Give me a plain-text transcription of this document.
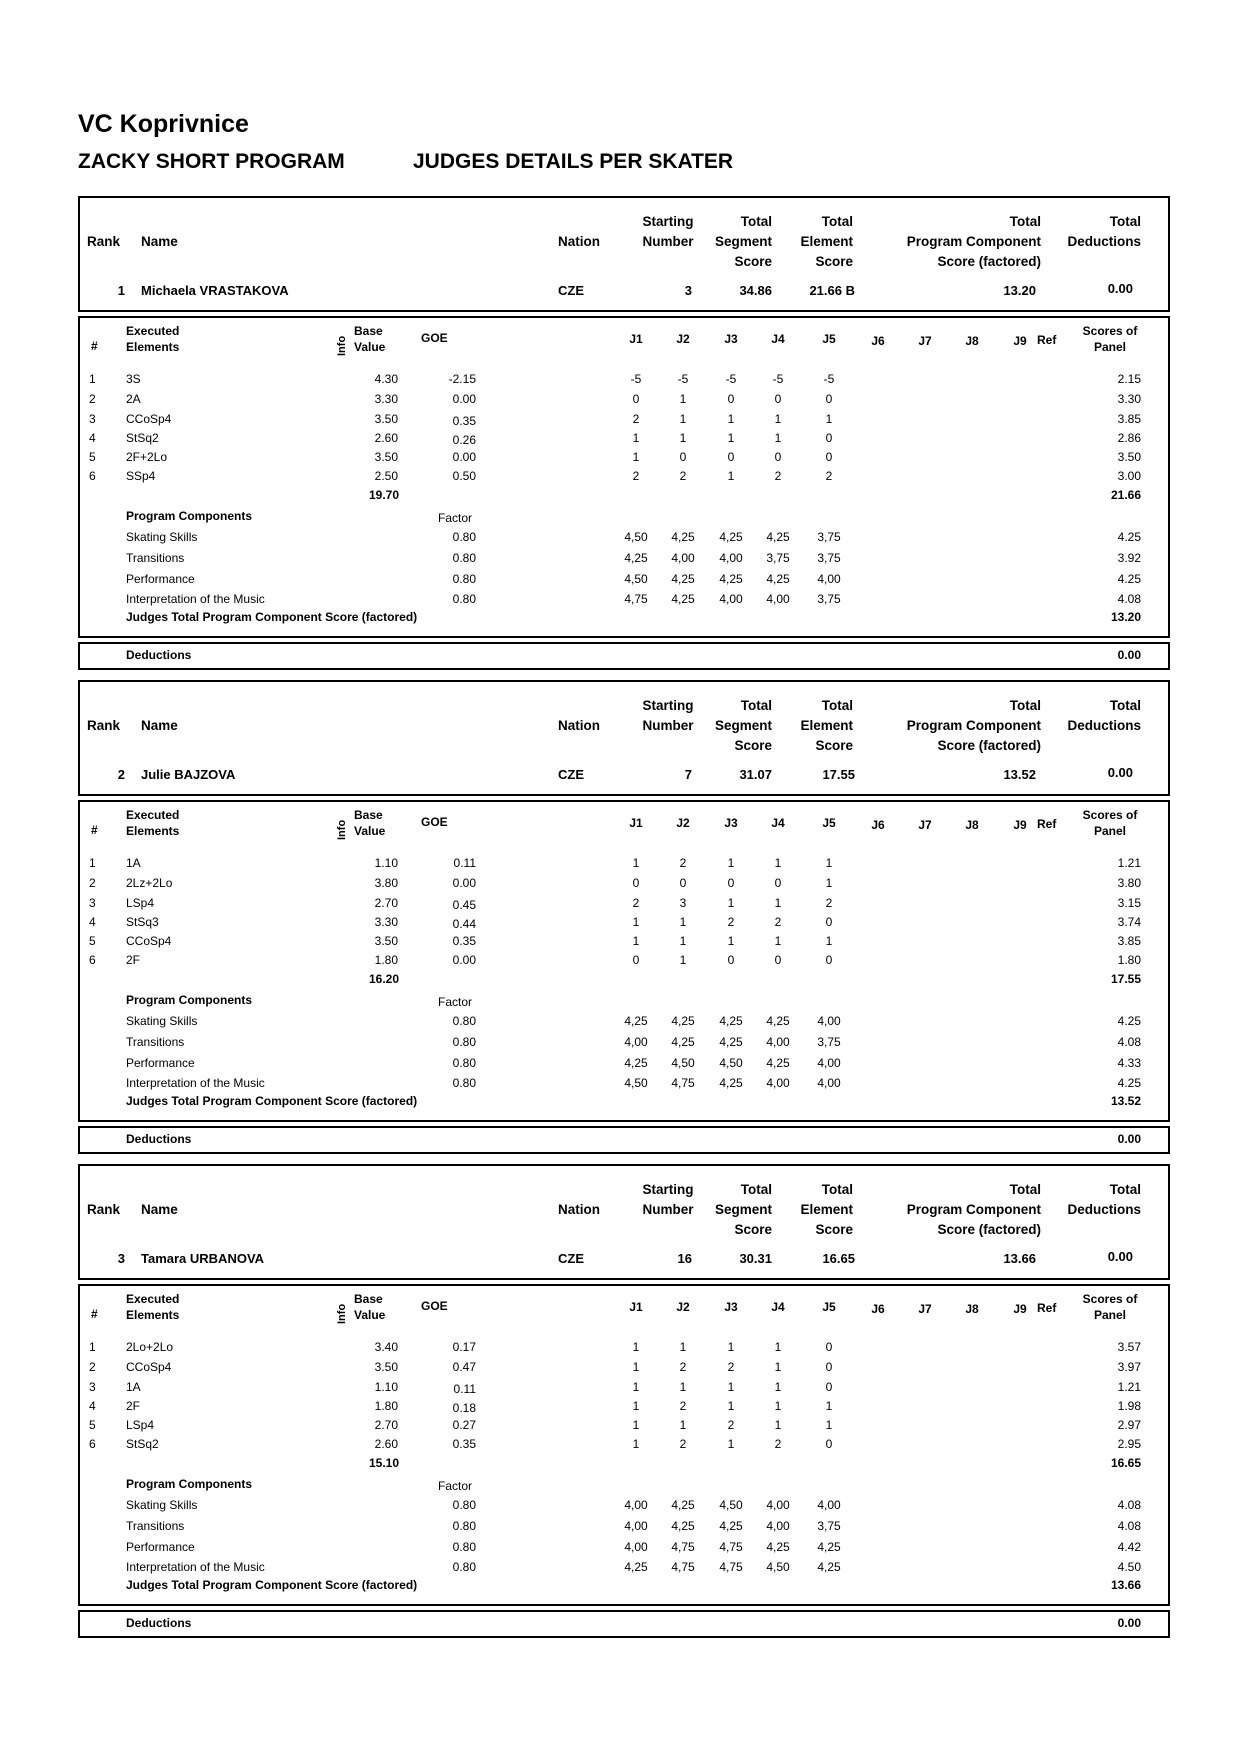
VC Koprivnice
ZACKY SHORT PROGRAM	JUDGES DETAILS PER SKATER
Rank Name	Nation
Starting
Number
Total
Segment
Score
Total
Element
Score
Total
Program Component
Score (factored)
Total
Deductions
1 Michaela VRASTAKOVA	CZE	3	34.86	21.66 B	13.20	0.00
#
Executed
Elements	Info
Base
Value
GOE	J1	J2	J3	J4	J5	J6	J7	J8	J9 Ref
Scores of
Panel
1	3S	4.30	-2.15	-5	-5	-5	-5	-5	2.15
2	2A	3.30	0.00	0	1	0	0	0	3.30
3	CCoSp4	3.50	0.35	2	1	1	1	1	3.85
4	StSq2	2.60	0.26	1	1	1	1	0	2.86
5	2F+2Lo	3.50	0.00	1	0	0	0	0	3.50
6	SSp4	2.50	0.50	2	2	1	2	2	3.00
19.70	21.66
Program Components	Factor
Skating Skills	0.80	4,50	4,25	4,25	4,25	3,75	4.25
Transitions	0.80	4,25	4,00	4,00	3,75	3,75	3.92
Performance	0.80	4,50	4,25	4,25	4,25	4,00	4.25
Interpretation of the Music	0.80	4,75	4,25	4,00	4,00	3,75	4.08
Judges Total Program Component Score (factored)	13.20
Deductions	0.00
Rank Name	Nation
Starting
Number
Total
Segment
Score
Total
Element
Score
Total
Program Component
Score (factored)
Total
Deductions
2 Julie BAJZOVA	CZE	7	31.07	17.55	13.52	0.00
#
Executed
Elements	Info
Base
Value
GOE	J1	J2	J3	J4	J5	J6	J7	J8	J9 Ref
Scores of
Panel
1	1A	1.10	0.11	1	2	1	1	1	1.21
2	2Lz+2Lo	3.80	0.00	0	0	0	0	1	3.80
3	LSp4	2.70	0.45	2	3	1	1	2	3.15
4	StSq3	3.30	0.44	1	1	2	2	0	3.74
5	CCoSp4	3.50	0.35	1	1	1	1	1	3.85
6	2F	1.80	0.00	0	1	0	0	0	1.80
16.20	17.55
Program Components	Factor
Skating Skills	0.80	4,25	4,25	4,25	4,25	4,00	4.25
Transitions	0.80	4,00	4,25	4,25	4,00	3,75	4.08
Performance	0.80	4,25	4,50	4,50	4,25	4,00	4.33
Interpretation of the Music	0.80	4,50	4,75	4,25	4,00	4,00	4.25
Judges Total Program Component Score (factored)	13.52
Deductions	0.00
Rank Name	Nation
Starting
Number
Total
Segment
Score
Total
Element
Score
Total
Program Component
Score (factored)
Total
Deductions
3 Tamara URBANOVA	CZE	16	30.31	16.65	13.66	0.00
#
Executed
Elements	Info
Base
Value
GOE	J1	J2	J3	J4	J5	J6	J7	J8	J9 Ref
Scores of
Panel
1	2Lo+2Lo	3.40	0.17	1	1	1	1	0	3.57
2	CCoSp4	3.50	0.47	1	2	2	1	0	3.97
3	1A	1.10	0.11	1	1	1	1	0	1.21
4	2F	1.80	0.18	1	2	1	1	1	1.98
5	LSp4	2.70	0.27	1	1	2	1	1	2.97
6	StSq2	2.60	0.35	1	2	1	2	0	2.95
15.10	16.65
Program Components	Factor
Skating Skills	0.80	4,00	4,25	4,50	4,00	4,00	4.08
Transitions	0.80	4,00	4,25	4,25	4,00	3,75	4.08
Performance	0.80	4,00	4,75	4,75	4,25	4,25	4.42
Interpretation of the Music	0.80	4,25	4,75	4,75	4,50	4,25	4.50
Judges Total Program Component Score (factored)	13.66
Deductions	0.00
